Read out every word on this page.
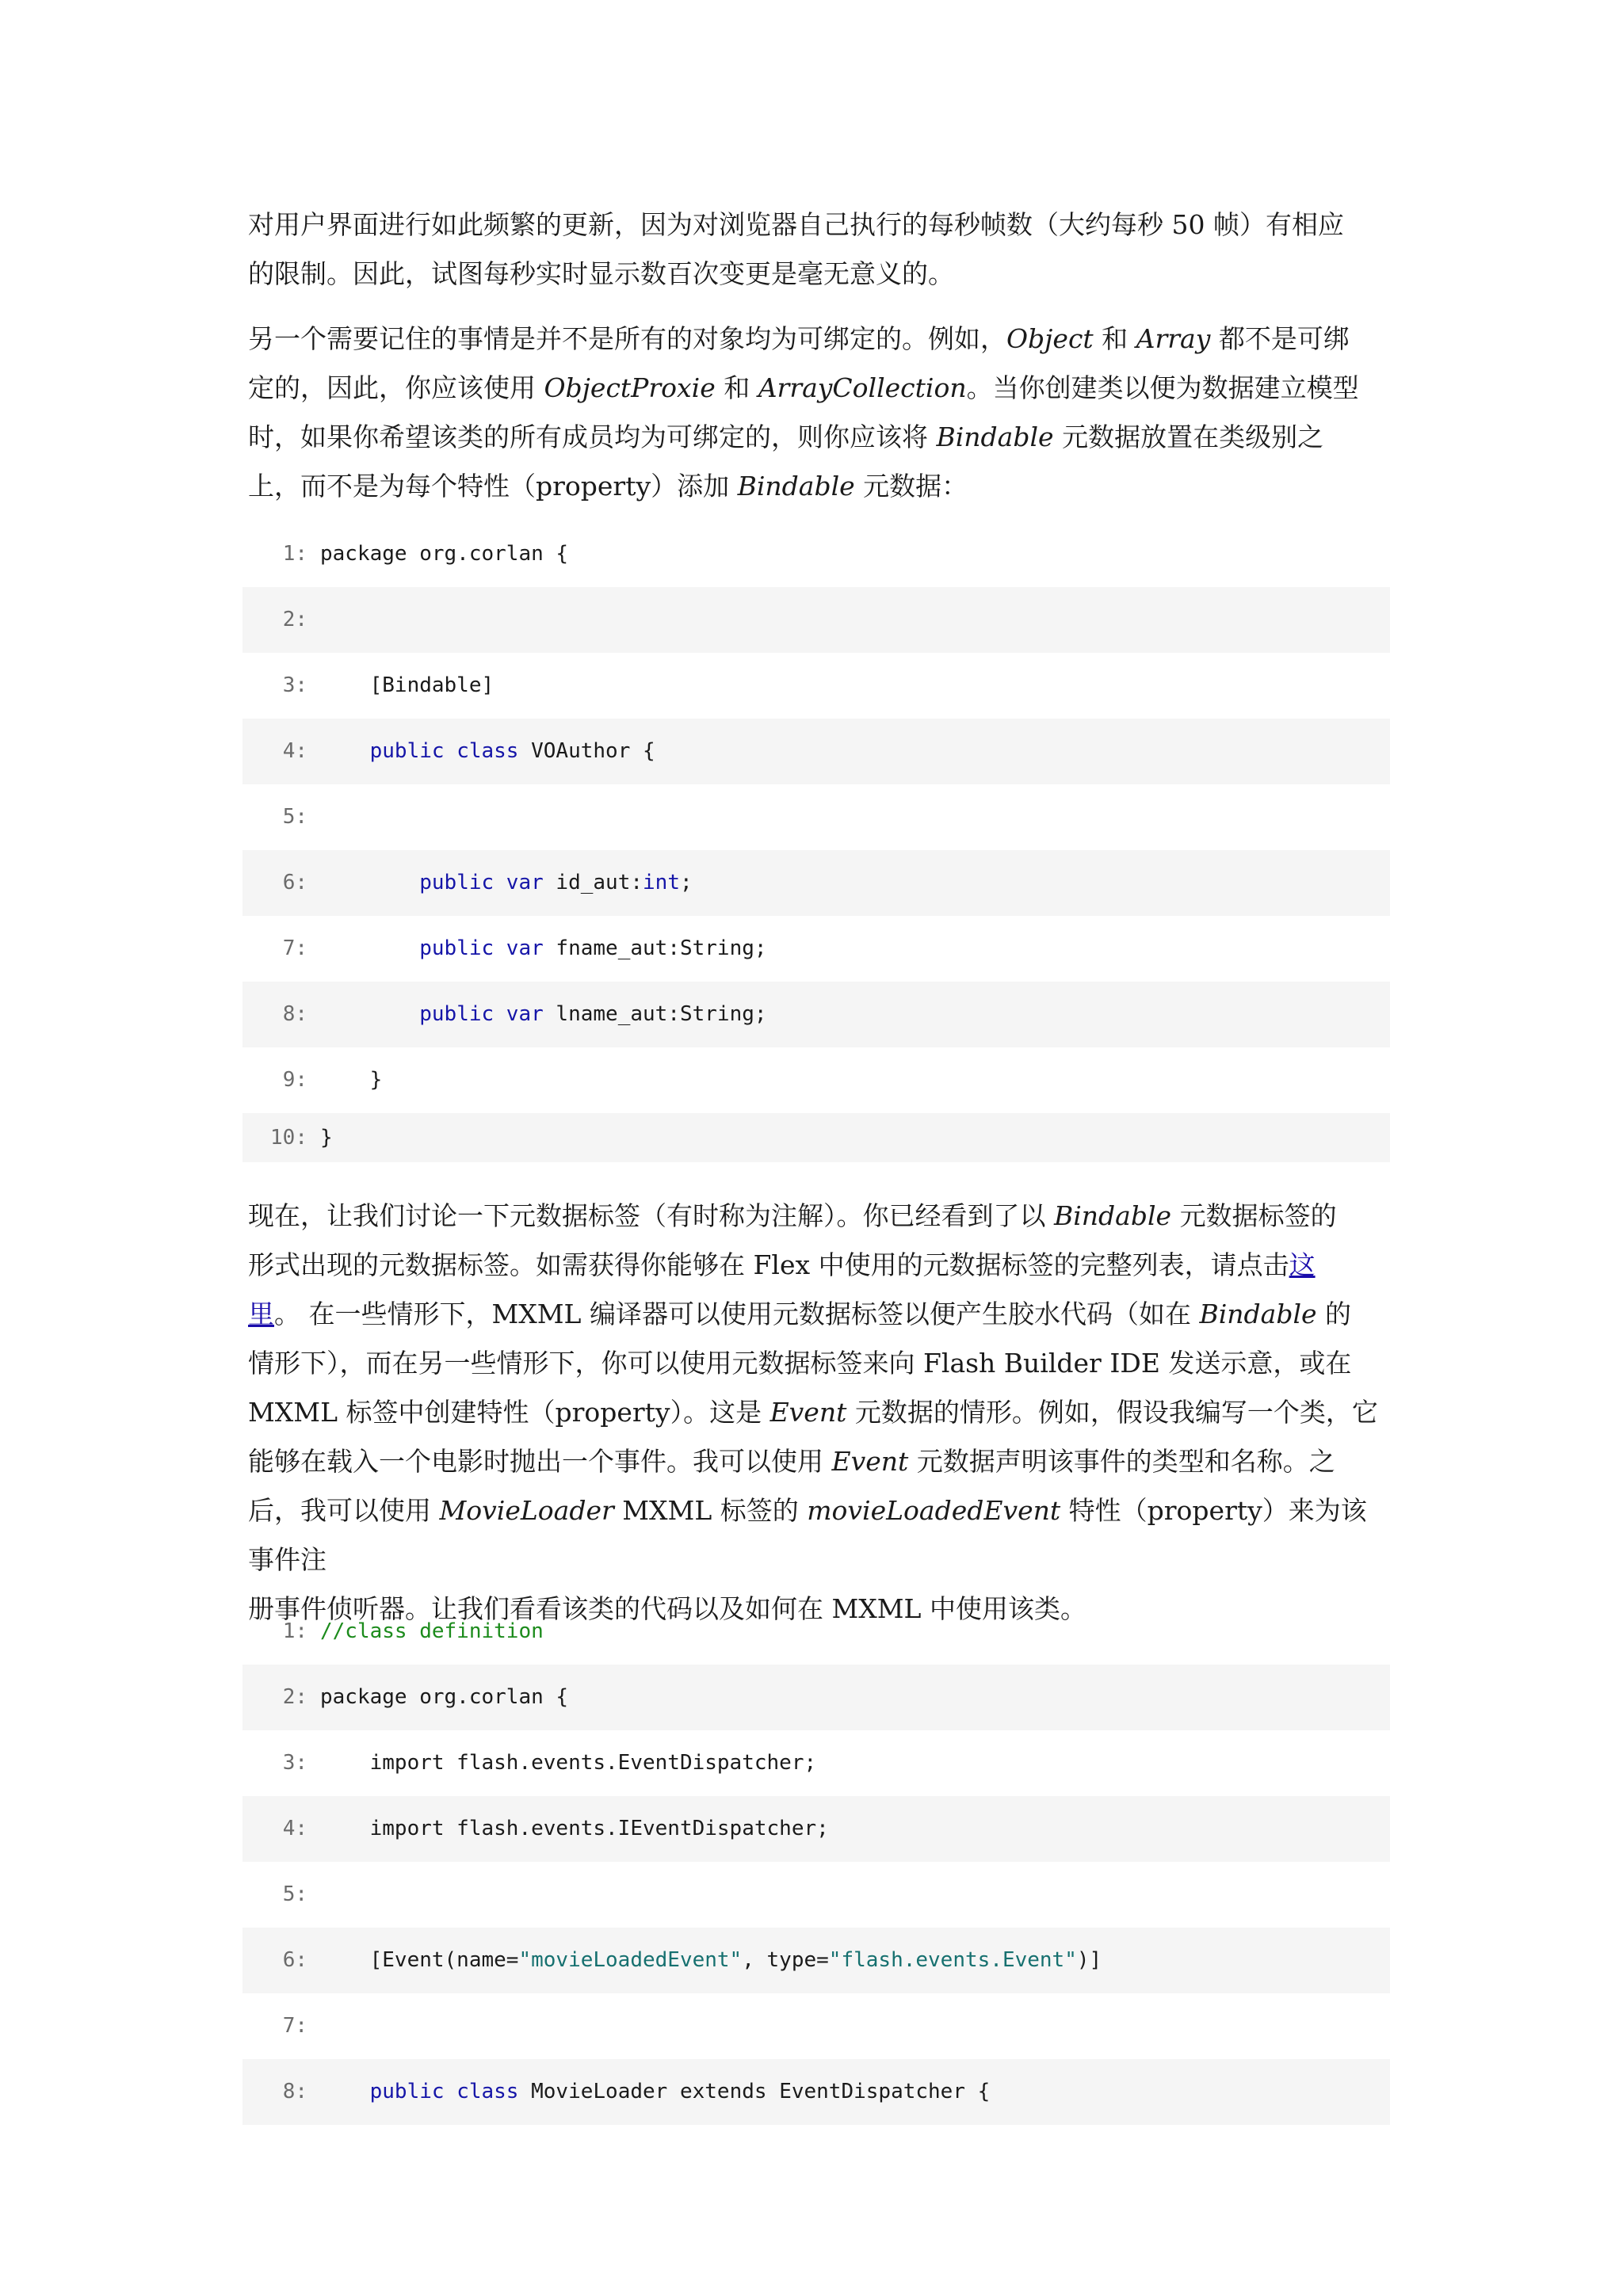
对用户界面进行如此频繁的更新，因为对浏览器自己执行的每秒帧数（大约每秒 50 帧）有相应
的限制。因此，试图每秒实时显示数百次变更是毫无意义的。
另一个需要记住的事情是并不是所有的对象均为可绑定的。例如，Object 和 Array 都不是可绑
定的，因此，你应该使用 ObjectProxie 和 ArrayCollection。当你创建类以便为数据建立模型
时，如果你希望该类的所有成员均为可绑定的，则你应该将 Bindable 元数据放置在类级别之
上，而不是为每个特性（property）添加 Bindable 元数据：
1: package org.corlan {
2:
3:    [Bindable]
4:	public class VOAuthor {
5:
6:	public var id_aut:int;
7:	public var fname_aut:String;
8:	public var lname_aut:String;
9:    }
10: }
现在，让我们讨论一下元数据标签（有时称为注解）。你已经看到了以 Bindable 元数据标签的
形式出现的元数据标签。如需获得你能够在 Flex 中使用的元数据标签的完整列表，请点击这
里。 在一些情形下，MXML 编译器可以使用元数据标签以便产生胶水代码（如在 Bindable 的
情形下），而在另一些情形下，你可以使用元数据标签来向 Flash Builder IDE 发送示意，或在
MXML 标签中创建特性（property）。这是 Event 元数据的情形。例如，假设我编写一个类，它
能够在载入一个电影时抛出一个事件。我可以使用 Event 元数据声明该事件的类型和名称。之
后，我可以使用 MovieLoader MXML 标签的 movieLoadedEvent 特性（property）来为该事件注
册事件侦听器。让我们看看该类的代码以及如何在 MXML 中使用该类。
1: //class definition
2: package org.corlan {
3:    import flash.events.EventDispatcher;
4:    import flash.events.IEventDispatcher;
5:
6:    [Event(name="movieLoadedEvent", type="flash.events.Event")]
7:
8:	public class MovieLoader extends EventDispatcher {
